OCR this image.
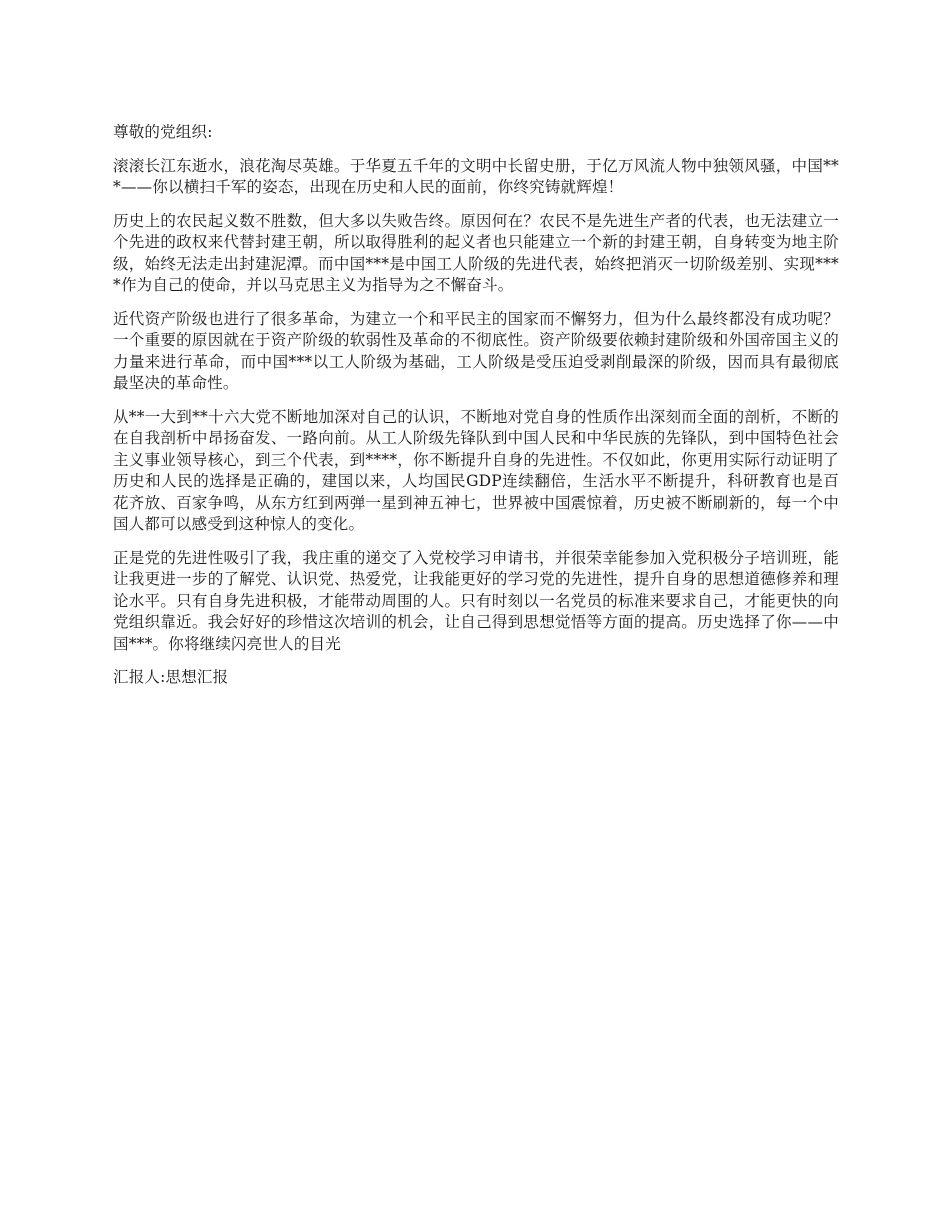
尊敬的党组织:

滚滚长江东逝水，浪花淘尽英雄。于华夏五千年的文明中长留史册，于亿万风流人物中独领风骚，中国***——你以横扫千军的姿态，出现在历史和人民的面前，你终究铸就辉煌！

历史上的农民起义数不胜数，但大多以失败告终。原因何在？农民不是先进生产者的代表，也无法建立一个先进的政权来代替封建王朝，所以取得胜利的起义者也只能建立一个新的封建王朝，自身转变为地主阶级，始终无法走出封建泥潭。而中国***是中国工人阶级的先进代表，始终把消灭一切阶级差别、实现****作为自己的使命，并以马克思主义为指导为之不懈奋斗。

近代资产阶级也进行了很多革命，为建立一个和平民主的国家而不懈努力，但为什么最终都没有成功呢？一个重要的原因就在于资产阶级的软弱性及革命的不彻底性。资产阶级要依赖封建阶级和外国帝国主义的力量来进行革命，而中国***以工人阶级为基础，工人阶级是受压迫受剥削最深的阶级，因而具有最彻底最坚决的革命性。

从**一大到**十六大党不断地加深对自己的认识，不断地对党自身的性质作出深刻而全面的剖析，不断的在自我剖析中昂扬奋发、一路向前。从工人阶级先锋队到中国人民和中华民族的先锋队，到中国特色社会主义事业领导核心，到三个代表，到****，你不断提升自身的先进性。不仅如此，你更用实际行动证明了历史和人民的选择是正确的，建国以来，人均国民GDP连续翻倍，生活水平不断提升，科研教育也是百花齐放、百家争鸣，从东方红到两弹一星到神五神七，世界被中国震惊着，历史被不断刷新的，每一个中国人都可以感受到这种惊人的变化。

正是党的先进性吸引了我，我庄重的递交了入党校学习申请书，并很荣幸能参加入党积极分子培训班，能让我更进一步的了解党、认识党、热爱党，让我能更好的学习党的先进性，提升自身的思想道德修养和理论水平。只有自身先进积极，才能带动周围的人。只有时刻以一名党员的标准来要求自己，才能更快的向党组织靠近。我会好好的珍惜这次培训的机会，让自己得到思想觉悟等方面的提高。历史选择了你——中国***。你将继续闪亮世人的目光

汇报人:思想汇报
